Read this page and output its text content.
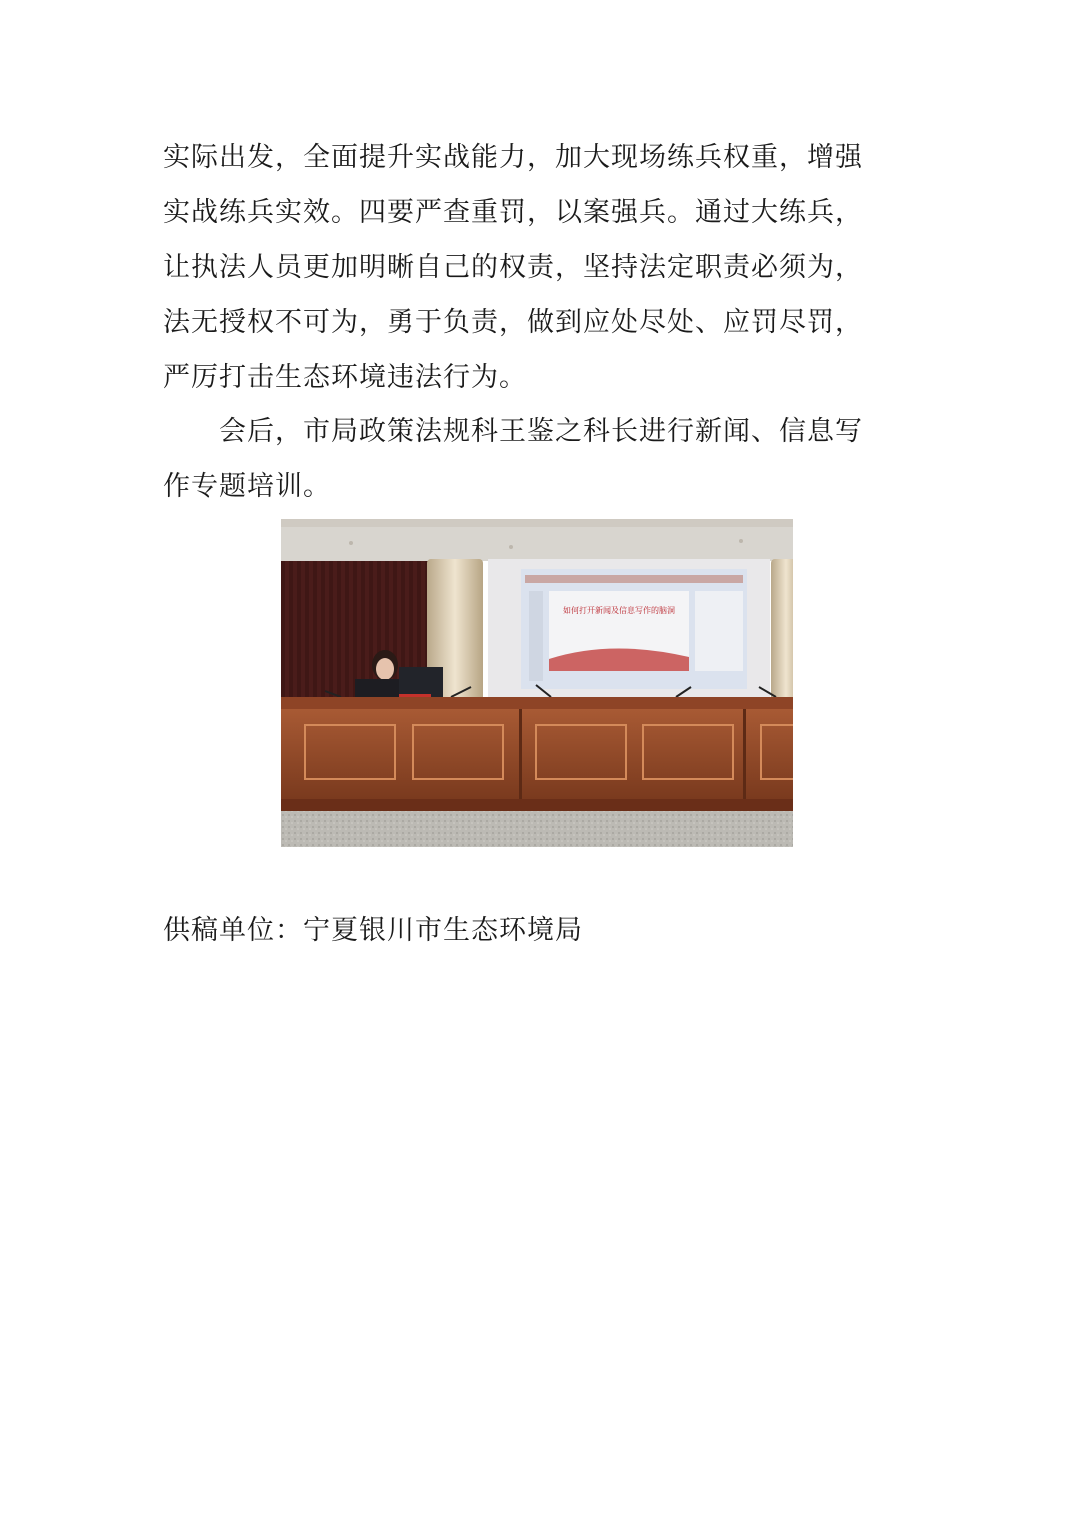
实际出发，全面提升实战能力，加大现场练兵权重，增强实战练兵实效。四要严查重罚，以案强兵。通过大练兵，让执法人员更加明晰自己的权责，坚持法定职责必须为，法无授权不可为，勇于负责，做到应处尽处、应罚尽罚，严厉打击生态环境违法行为。

会后，市局政策法规科王鉴之科长进行新闻、信息写作专题培训。

如何打开新闻及信息写作的脑洞

供稿单位：宁夏银川市生态环境局
